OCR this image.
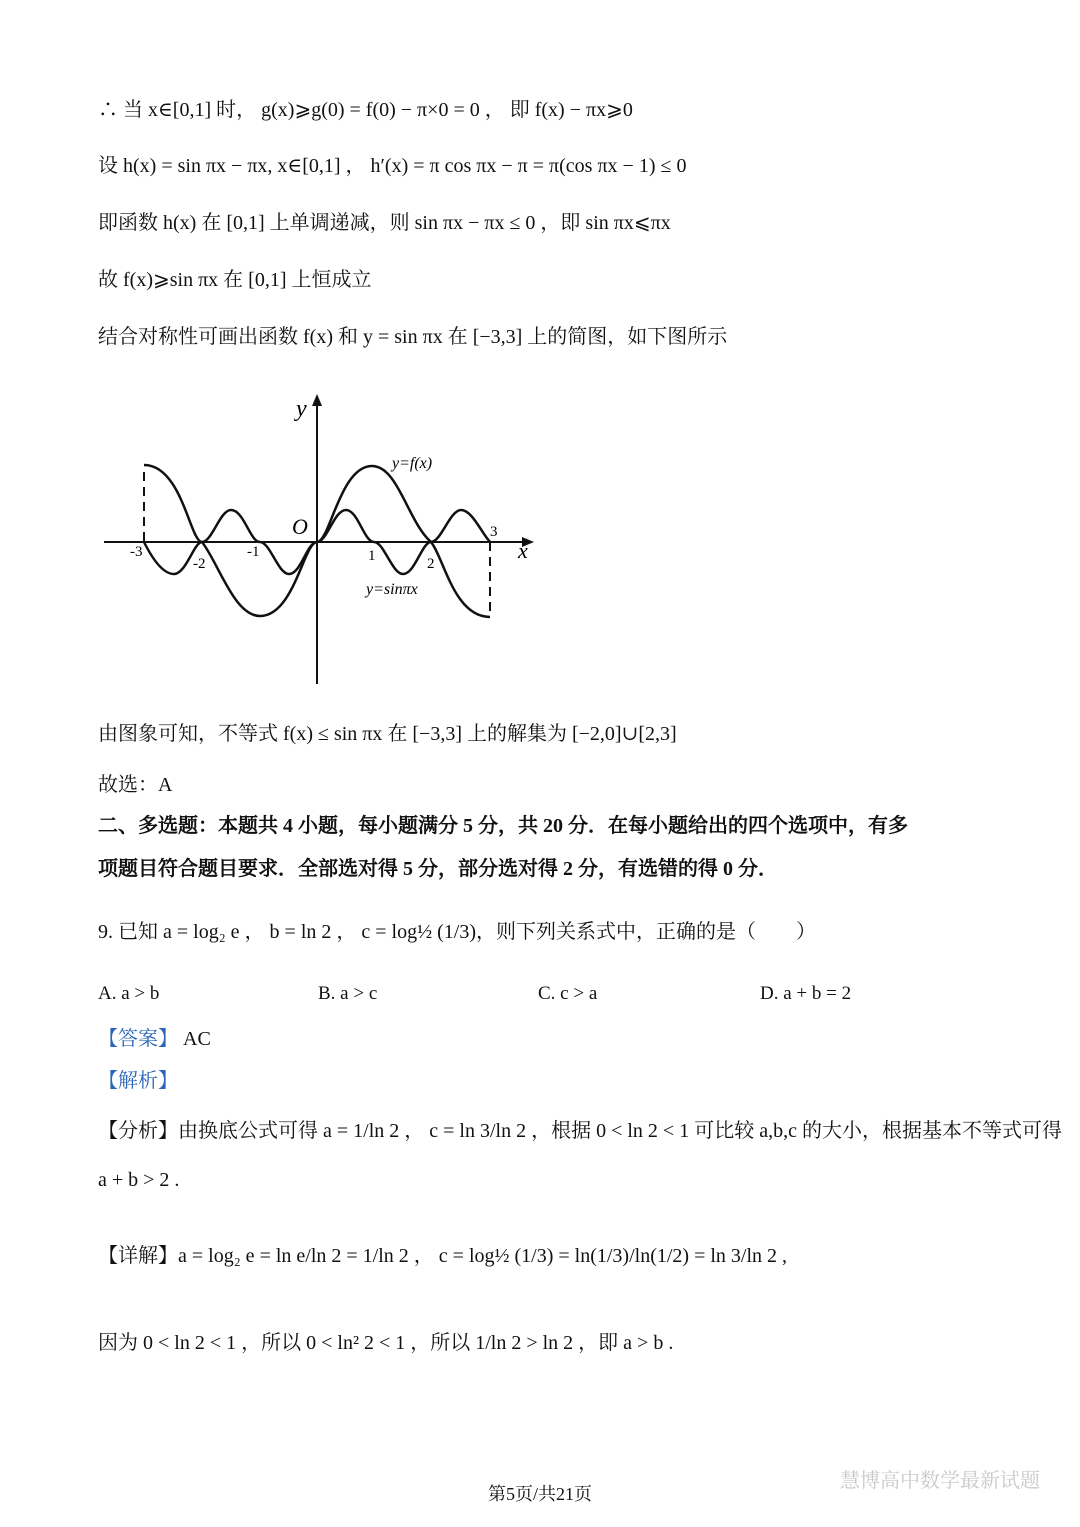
∴ 当 x∈[0,1] 时， g(x)⩾g(0) = f(0) − π×0 = 0 ， 即 f(x) − πx⩾0
设 h(x) = sin πx − πx, x∈[0,1] ， h′(x) = π cos πx − π = π(cos πx − 1) ≤ 0
即函数 h(x) 在 [0,1] 上单调递减，则 sin πx − πx ≤ 0 ，即 sin πx⩽πx
故 f(x)⩾sin πx 在 [0,1] 上恒成立
结合对称性可画出函数 f(x) 和 y = sin πx 在 [−3,3] 上的简图，如下图所示
y
x
O
y=f(x)
y=sinπx
-3
-2
-1	1	2
3
由图象可知，不等式 f(x) ≤ sin πx 在 [−3,3] 上的解集为 [−2,0]∪[2,3]
故选：A
二、多选题：本题共 4 小题，每小题满分 5 分，共 20 分．在每小题给出的四个选项中，有多
项题目符合题目要求．全部选对得 5 分，部分选对得 2 分，有选错的得 0 分．
9. 已知 a = log₂ e ， b = ln 2 ， c = log½ (1/3)，则下列关系式中，正确的是（　　）
A. a > b	B. a > c	C. c > a	D. a + b = 2
【答案】 AC
【解析】
【分析】由换底公式可得 a = 1/ln 2 ， c = ln 3/ln 2 ，根据 0 < ln 2 < 1 可比较 a,b,c 的大小，根据基本不等式可得
a + b > 2 .
【详解】a = log₂ e = ln e/ln 2 = 1/ln 2 ， c = log½ (1/3) = ln(1/3)/ln(1/2) = ln 3/ln 2 ,
因为 0 < ln 2 < 1 ，所以 0 < ln² 2 < 1 ，所以 1/ln 2 > ln 2 ，即 a > b .
慧博高中数学最新试题
第5页/共21页
